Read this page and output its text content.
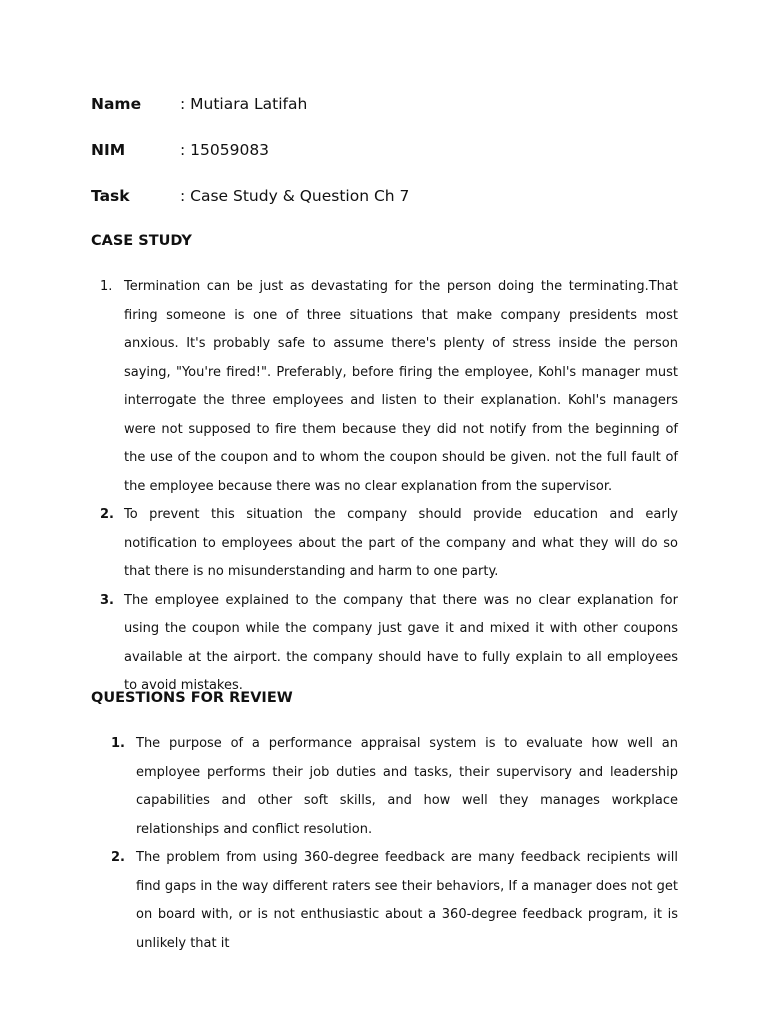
Name	: Mutiara Latifah
NIM	: 15059083
Task	: Case Study & Question Ch 7
CASE STUDY
1. Termination can be just as devastating for the person doing the terminating.That firing someone is one of three situations that make company presidents most anxious. It's probably safe to assume there's plenty of stress inside the person saying, "You're fired!". Preferably, before firing the employee, Kohl's manager must interrogate the three employees and listen to their explanation. Kohl's managers were not supposed to fire them because they did not notify from the beginning of the use of the coupon and to whom the coupon should be given. not the full fault of the employee because there was no clear explanation from the supervisor.
2. To prevent this situation the company should provide education and early notification to employees about the part of the company and what they will do so that there is no misunderstanding and harm to one party.
3. The employee explained to the company that there was no clear explanation for using the coupon while the company just gave it and mixed it with other coupons available at the airport. the company should have to fully explain to all employees to avoid mistakes.
QUESTIONS FOR REVIEW
1. The purpose of a performance appraisal system is to evaluate how well an employee performs their job duties and tasks, their supervisory and leadership capabilities and other soft skills, and how well they manages workplace relationships and conflict resolution.
2. The problem from using 360-degree feedback are many feedback recipients will find gaps in the way different raters see their behaviors, If a manager does not get on board with, or is not enthusiastic about a 360-degree feedback program, it is unlikely that it
